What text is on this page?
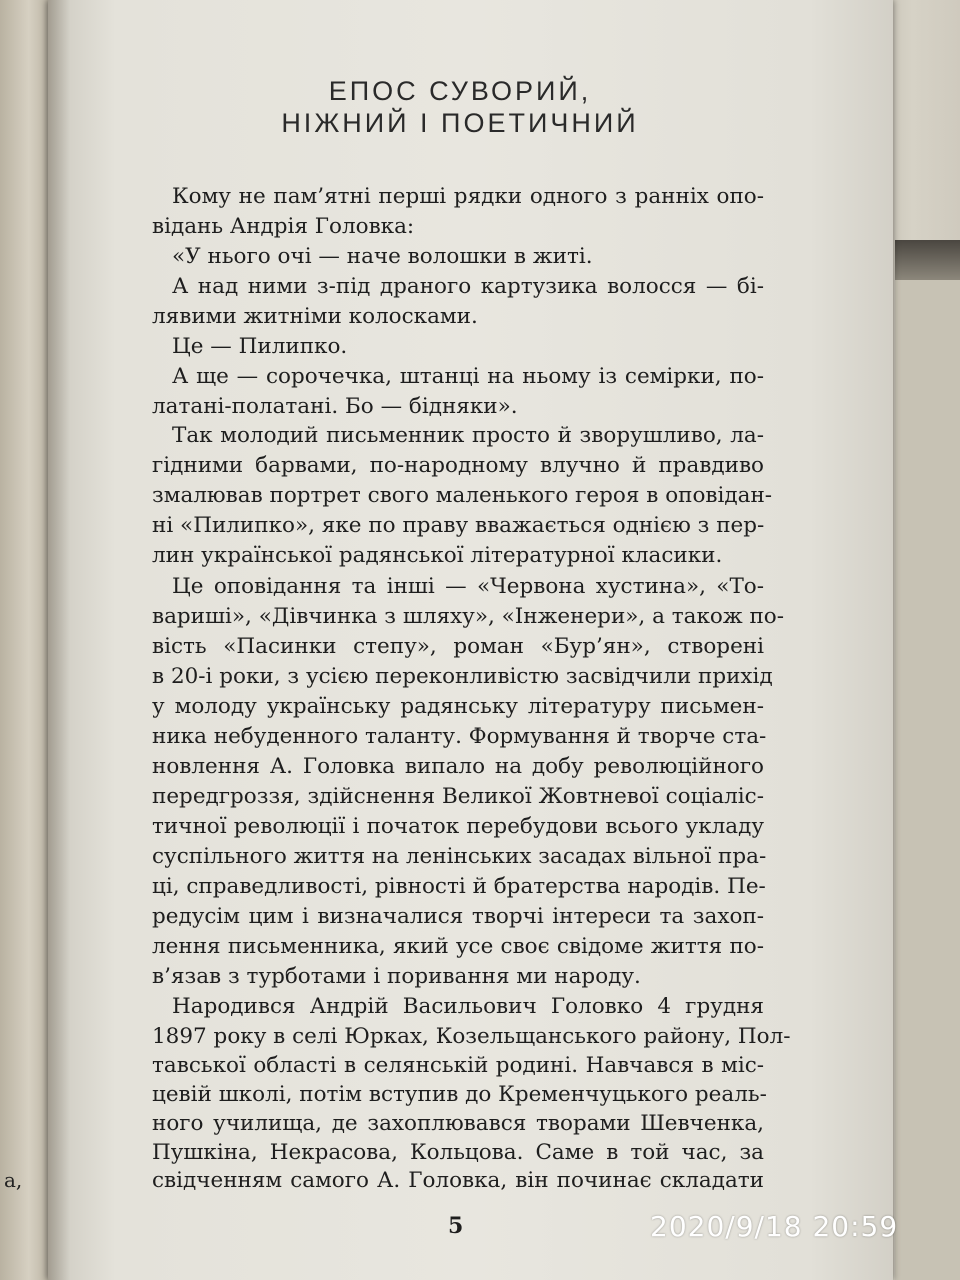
а,
ЕПОС СУВОРИЙ,
НІЖНИЙ І ПОЕТИЧНИЙ
Кому не пам’ятні перші рядки одного з ранніх опо-
відань Андрія Головка:
«У нього очі — наче волошки в житі.
А над ними з-під драного картузика волосся — бі-
лявими житніми колосками.
Це — Пилипко.
А ще — сорочечка, штанці на ньому із семірки, по-
латані-полатані. Бо — бідняки».
Так молодий письменник просто й зворушливо, ла-
гідними барвами, по-народному влучно й правдиво
змалював портрет свого маленького героя в оповідан-
ні «Пилипко», яке по праву вважається однією з пер-
лин української радянської літературної класики.
Це оповідання та інші — «Червона хустина», «То-
вариші», «Дівчинка з шляху», «Інженери», а також по-
вість «Пасинки степу», роман «Бур’ян», створені
в 20-і роки, з усією переконливістю засвідчили прихід
у молоду українську радянську літературу письмен-
ника небуденного таланту. Формування й творче ста-
новлення А. Головка випало на добу революційного
передгроззя, здійснення Великої Жовтневої соціаліс-
тичної революції і початок перебудови всього укладу
суспільного життя на ленінських засадах вільної пра-
ці, справедливості, рівності й братерства народів. Пе-
редусім цим і визначалися творчі інтереси та захоп-
лення письменника, який усе своє свідоме життя по-
в’язав з турботами і поривання ми народу.
Народився Андрій Васильович Головко 4 грудня
1897 року в селі Юрках, Козельщанського району, Пол-
тавської області в селянській родині. Навчався в міс-
цевій школі, потім вступив до Кременчуцького реаль-
ного училища, де захоплювався творами Шевченка,
Пушкіна, Некрасова, Кольцова. Саме в той час, за
свідченням самого А. Головка, він починає складати
5	2020/9/18 20:59
